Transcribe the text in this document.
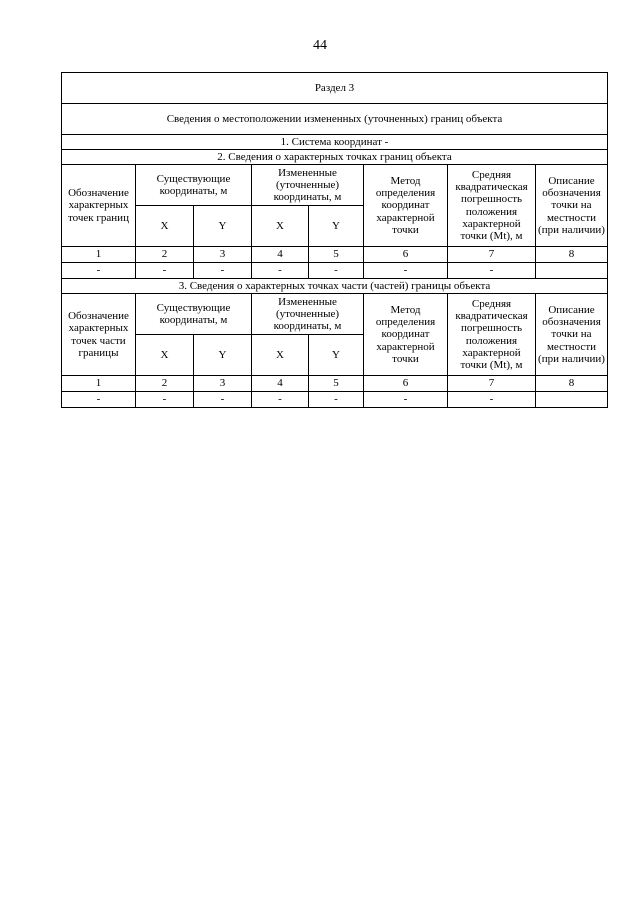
44
Раздел 3							
Сведения о местоположении измененных (уточненных) границ объекта							
1. Система координат -							
2. Сведения о характерных точках границ объекта							
Обозначение характерных точек границ	Существующие координаты, м		Измененные (уточненные) координаты, м		Метод определения координат характерной точки	Средняя квадратическая погрешность положения характерной точки (Mt), м	Описание обозначения точки на местности (при наличии)
	X	Y	X	Y			
1	2	3	4	5	6	7	8
-	-	-	-	-	-	-	
3. Сведения о характерных точках части (частей) границы объекта							
Обозначение характерных точек части границы	Существующие координаты, м		Измененные (уточненные) координаты, м		Метод определения координат характерной точки	Средняя квадратическая погрешность положения характерной точки (Mt), м	Описание обозначения точки на местности (при наличии)
	X	Y	X	Y			
1	2	3	4	5	6	7	8
-	-	-	-	-	-	-	
